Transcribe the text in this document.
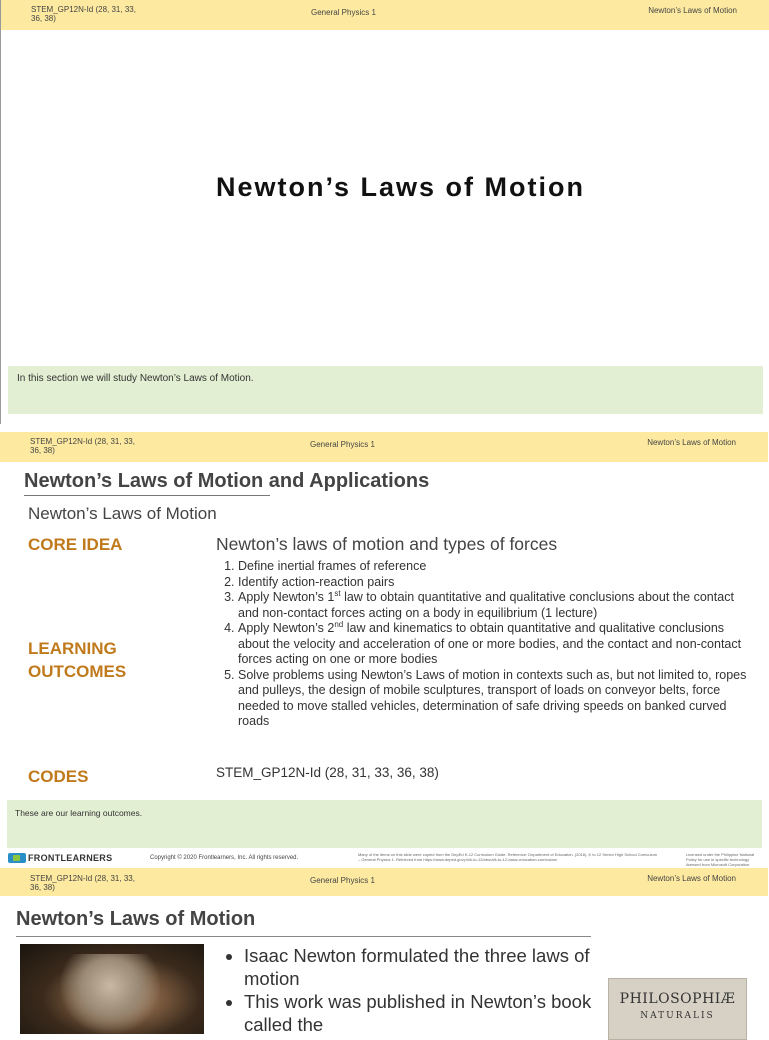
STEM_GP12N-Id (28, 31, 33, 36, 38)
General Physics 1	Newton’s Laws of Motion
Newton’s Laws of Motion
In this section we will study Newton’s Laws of Motion.
STEM_GP12N-Id (28, 31, 33, 36, 38)
General Physics 1	Newton’s Laws of Motion
Newton’s Laws of Motion and Applications
Newton’s Laws of Motion
CORE IDEA	Newton’s laws of motion and types of forces
LEARNING
OUTCOMES
1. Define inertial frames of reference
2. Identify action-reaction pairs
3. Apply Newton’s 1st law to obtain quantitative and qualitative conclusions about the contact and non-contact forces acting on a body in equilibrium (1 lecture)
4. Apply Newton’s 2nd law and kinematics to obtain quantitative and qualitative conclusions about the velocity and acceleration of one or more bodies, and the contact and non-contact forces acting on one or more bodies
5. Solve problems using Newton’s Laws of motion in contexts such as, but not limited to, ropes and pulleys, the design of mobile sculptures, transport of loads on conveyor belts, force needed to move stalled vehicles, determination of safe driving speeds on banked curved roads
CODES	STEM_GP12N-Id (28, 31, 33, 36, 38)
These are our learning outcomes.
FRONTLEARNERS	Copyright © 2020 Frontlearners, Inc. All rights reserved.
Many of the items on this slide were copied from the DepEd K-12 Curriculum Guide. Reference: Department of Education. (2016). K to 12 Senior High School Curriculum – General Physics 1. Retrieved from https://www.deped.gov.ph/k-to-12/about/k-to-12-basic-education-curriculum/
Licensed under the Philippine National Policy for use in specific technology licensed from Microsoft Corporation.
STEM_GP12N-Id (28, 31, 33, 36, 38)
General Physics 1	Newton’s Laws of Motion
Newton’s Laws of Motion
• Isaac Newton formulated the three laws of motion
• This work was published in Newton’s book called the
PHILOSOPHIÆ
NATURALIS
